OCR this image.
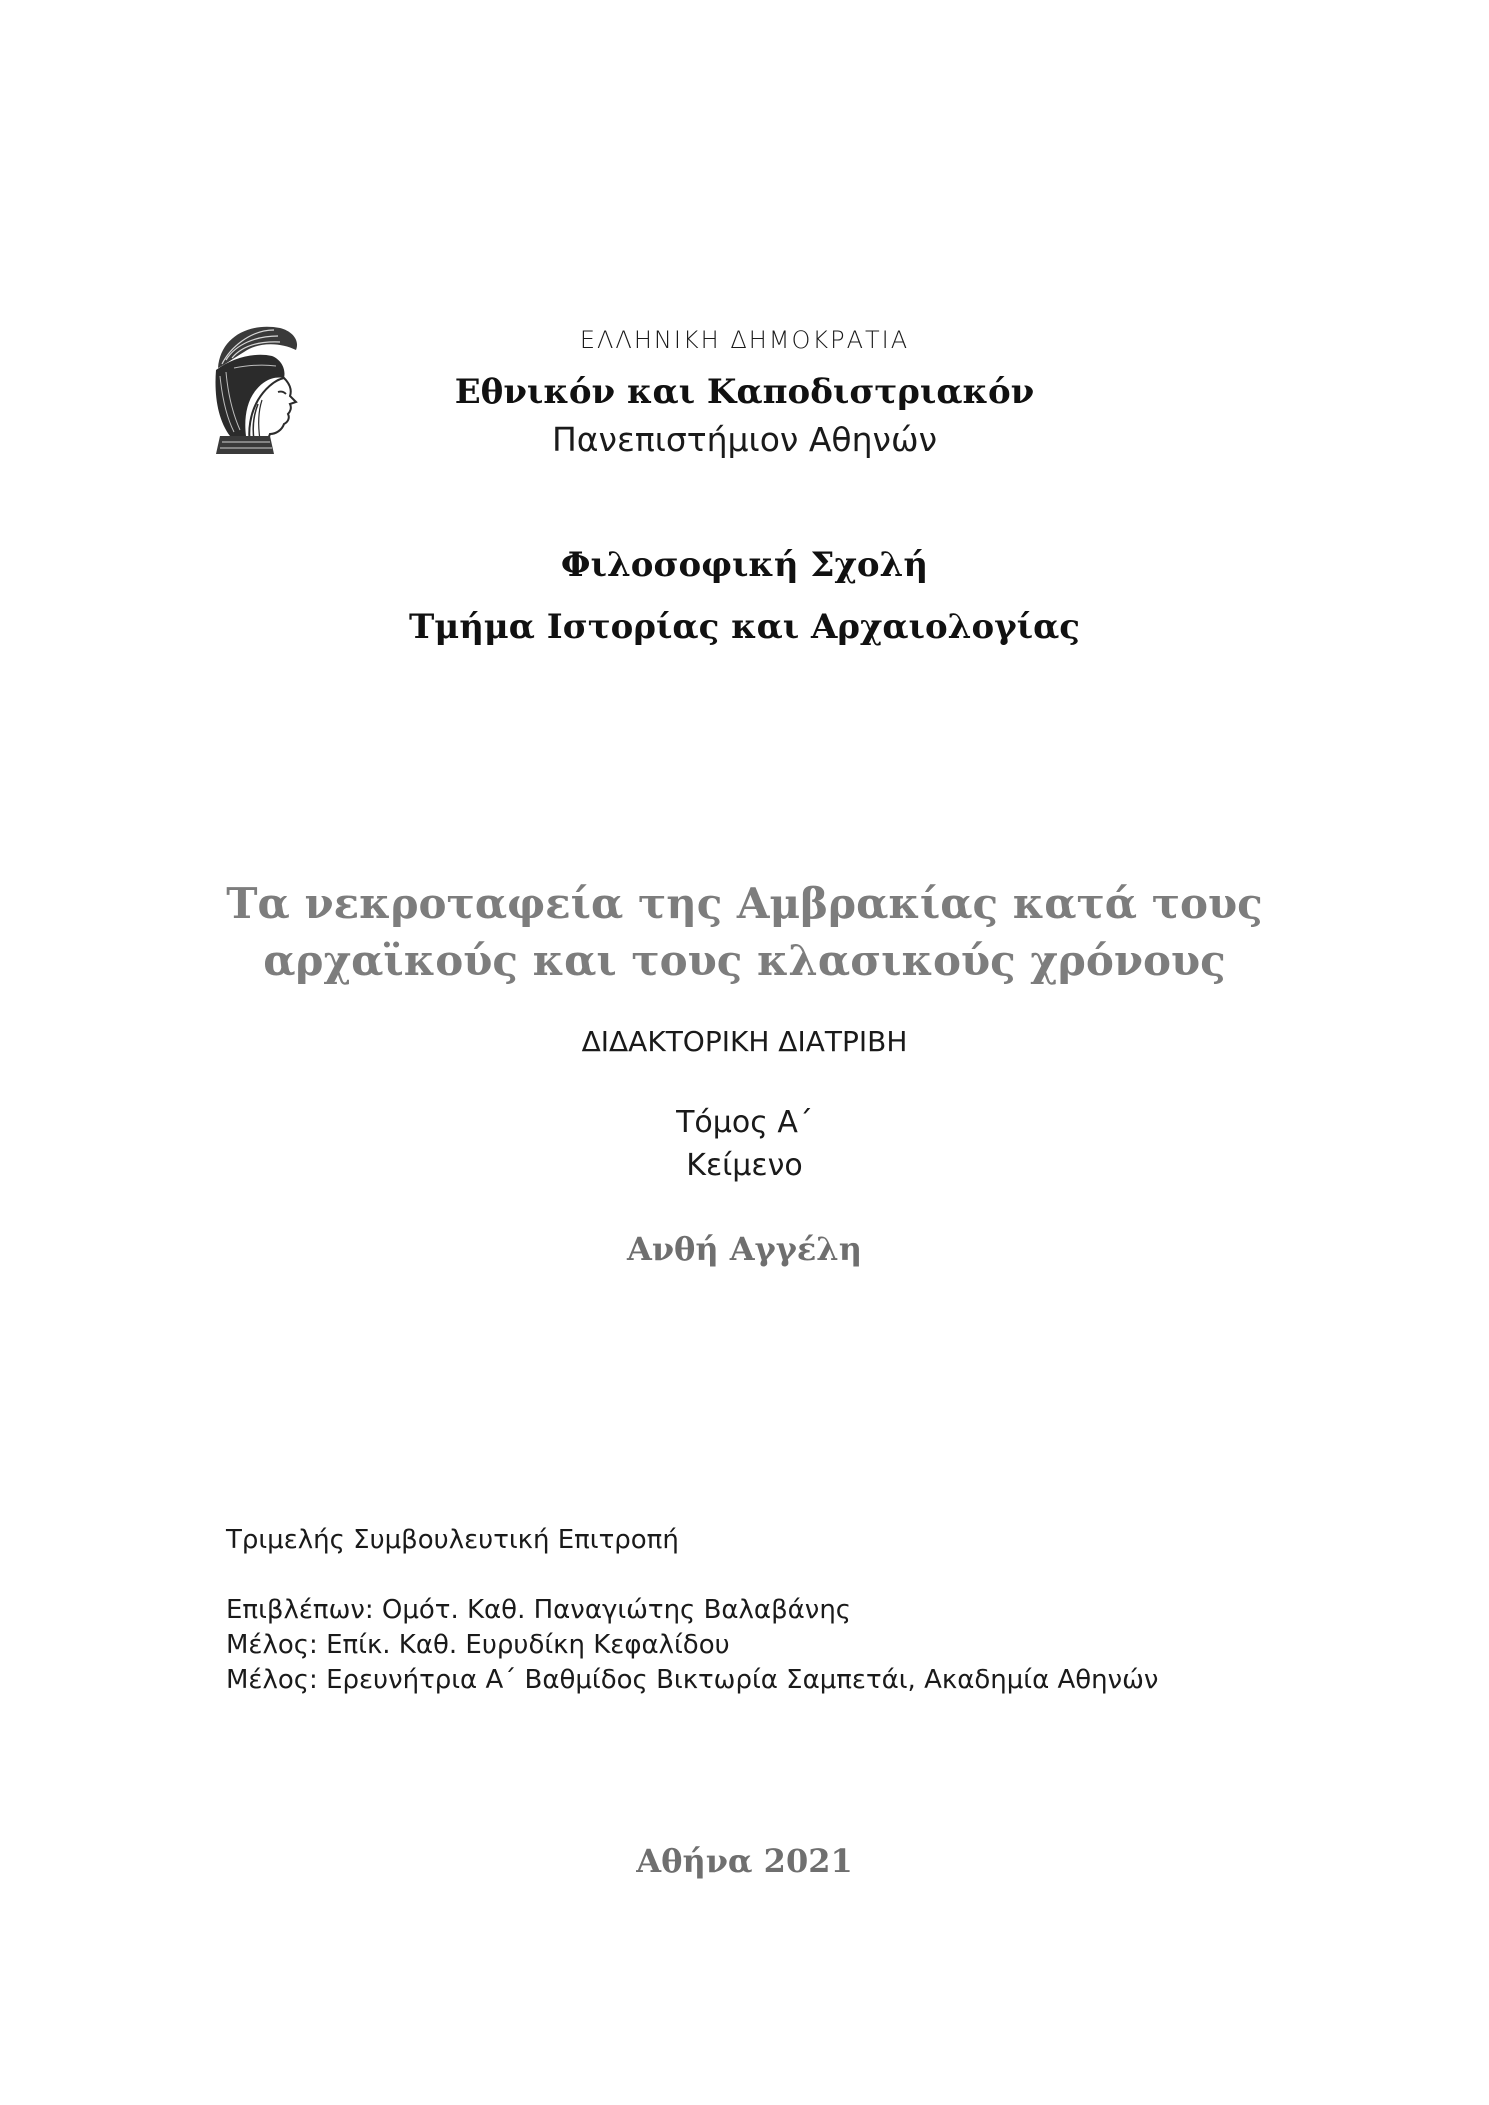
ΕΛΛΗΝΙΚΗ ΔΗΜΟΚΡΑΤΙΑ
Εθνικόν και Καποδιστριακόν
Πανεπιστήμιον Αθηνών
Φιλοσοφική Σχολή
Τμήμα Ιστορίας και Αρχαιολογίας
Τα νεκροταφεία της Αμβρακίας κατά τους
αρχαϊκούς και τους κλασικούς χρόνους
ΔΙΔΑΚΤΟΡΙΚΗ ΔΙΑΤΡΙΒΗ
Τόμος Α΄
Κείμενο
Ανθή Αγγέλη
Τριμελής Συμβουλευτική Επιτροπή
Επιβλέπων: Ομότ. Καθ. Παναγιώτης Βαλαβάνης
Μέλος: Επίκ. Καθ. Ευρυδίκη Κεφαλίδου
Μέλος: Ερευνήτρια Α΄ Βαθμίδος Βικτωρία Σαμπετάι, Ακαδημία Αθηνών
Αθήνα 2021
